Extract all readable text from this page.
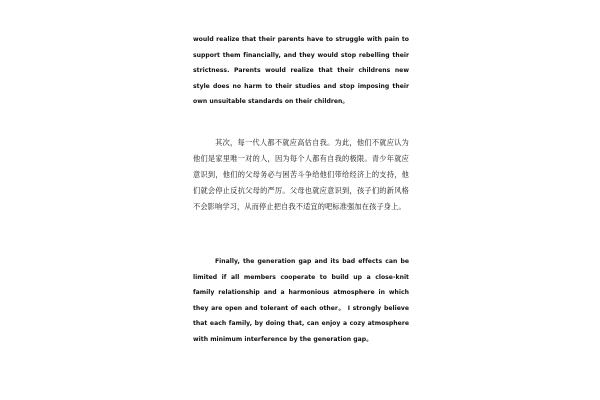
would realize that their parents have to struggle with pain to support them financially, and they would stop rebelling their strictness. Parents would realize that their childrens new style does no harm to their studies and stop imposing their own unsuitable standards on their children。

其次，每一代人都不就应高估自我。为此，他们不就应认为他们是家里唯一对的人，因为每个人都有自我的极限。青少年就应意识到，他们的父母务必与困苦斗争给他们带给经济上的支持，他们就会停止反抗父母的严厉。父母也就应意识到，孩子们的新风格不会影响学习，从而停止把自我不适宜的吧标准强加在孩子身上。

Finally, the generation gap and its bad effects can be limited if all members cooperate to build up a close-knit family relationship and a harmonious atmosphere in which they are open and tolerant of each other。 I strongly believe that each family, by doing that, can enjoy a cozy atmosphere with minimum interference by the generation gap。
